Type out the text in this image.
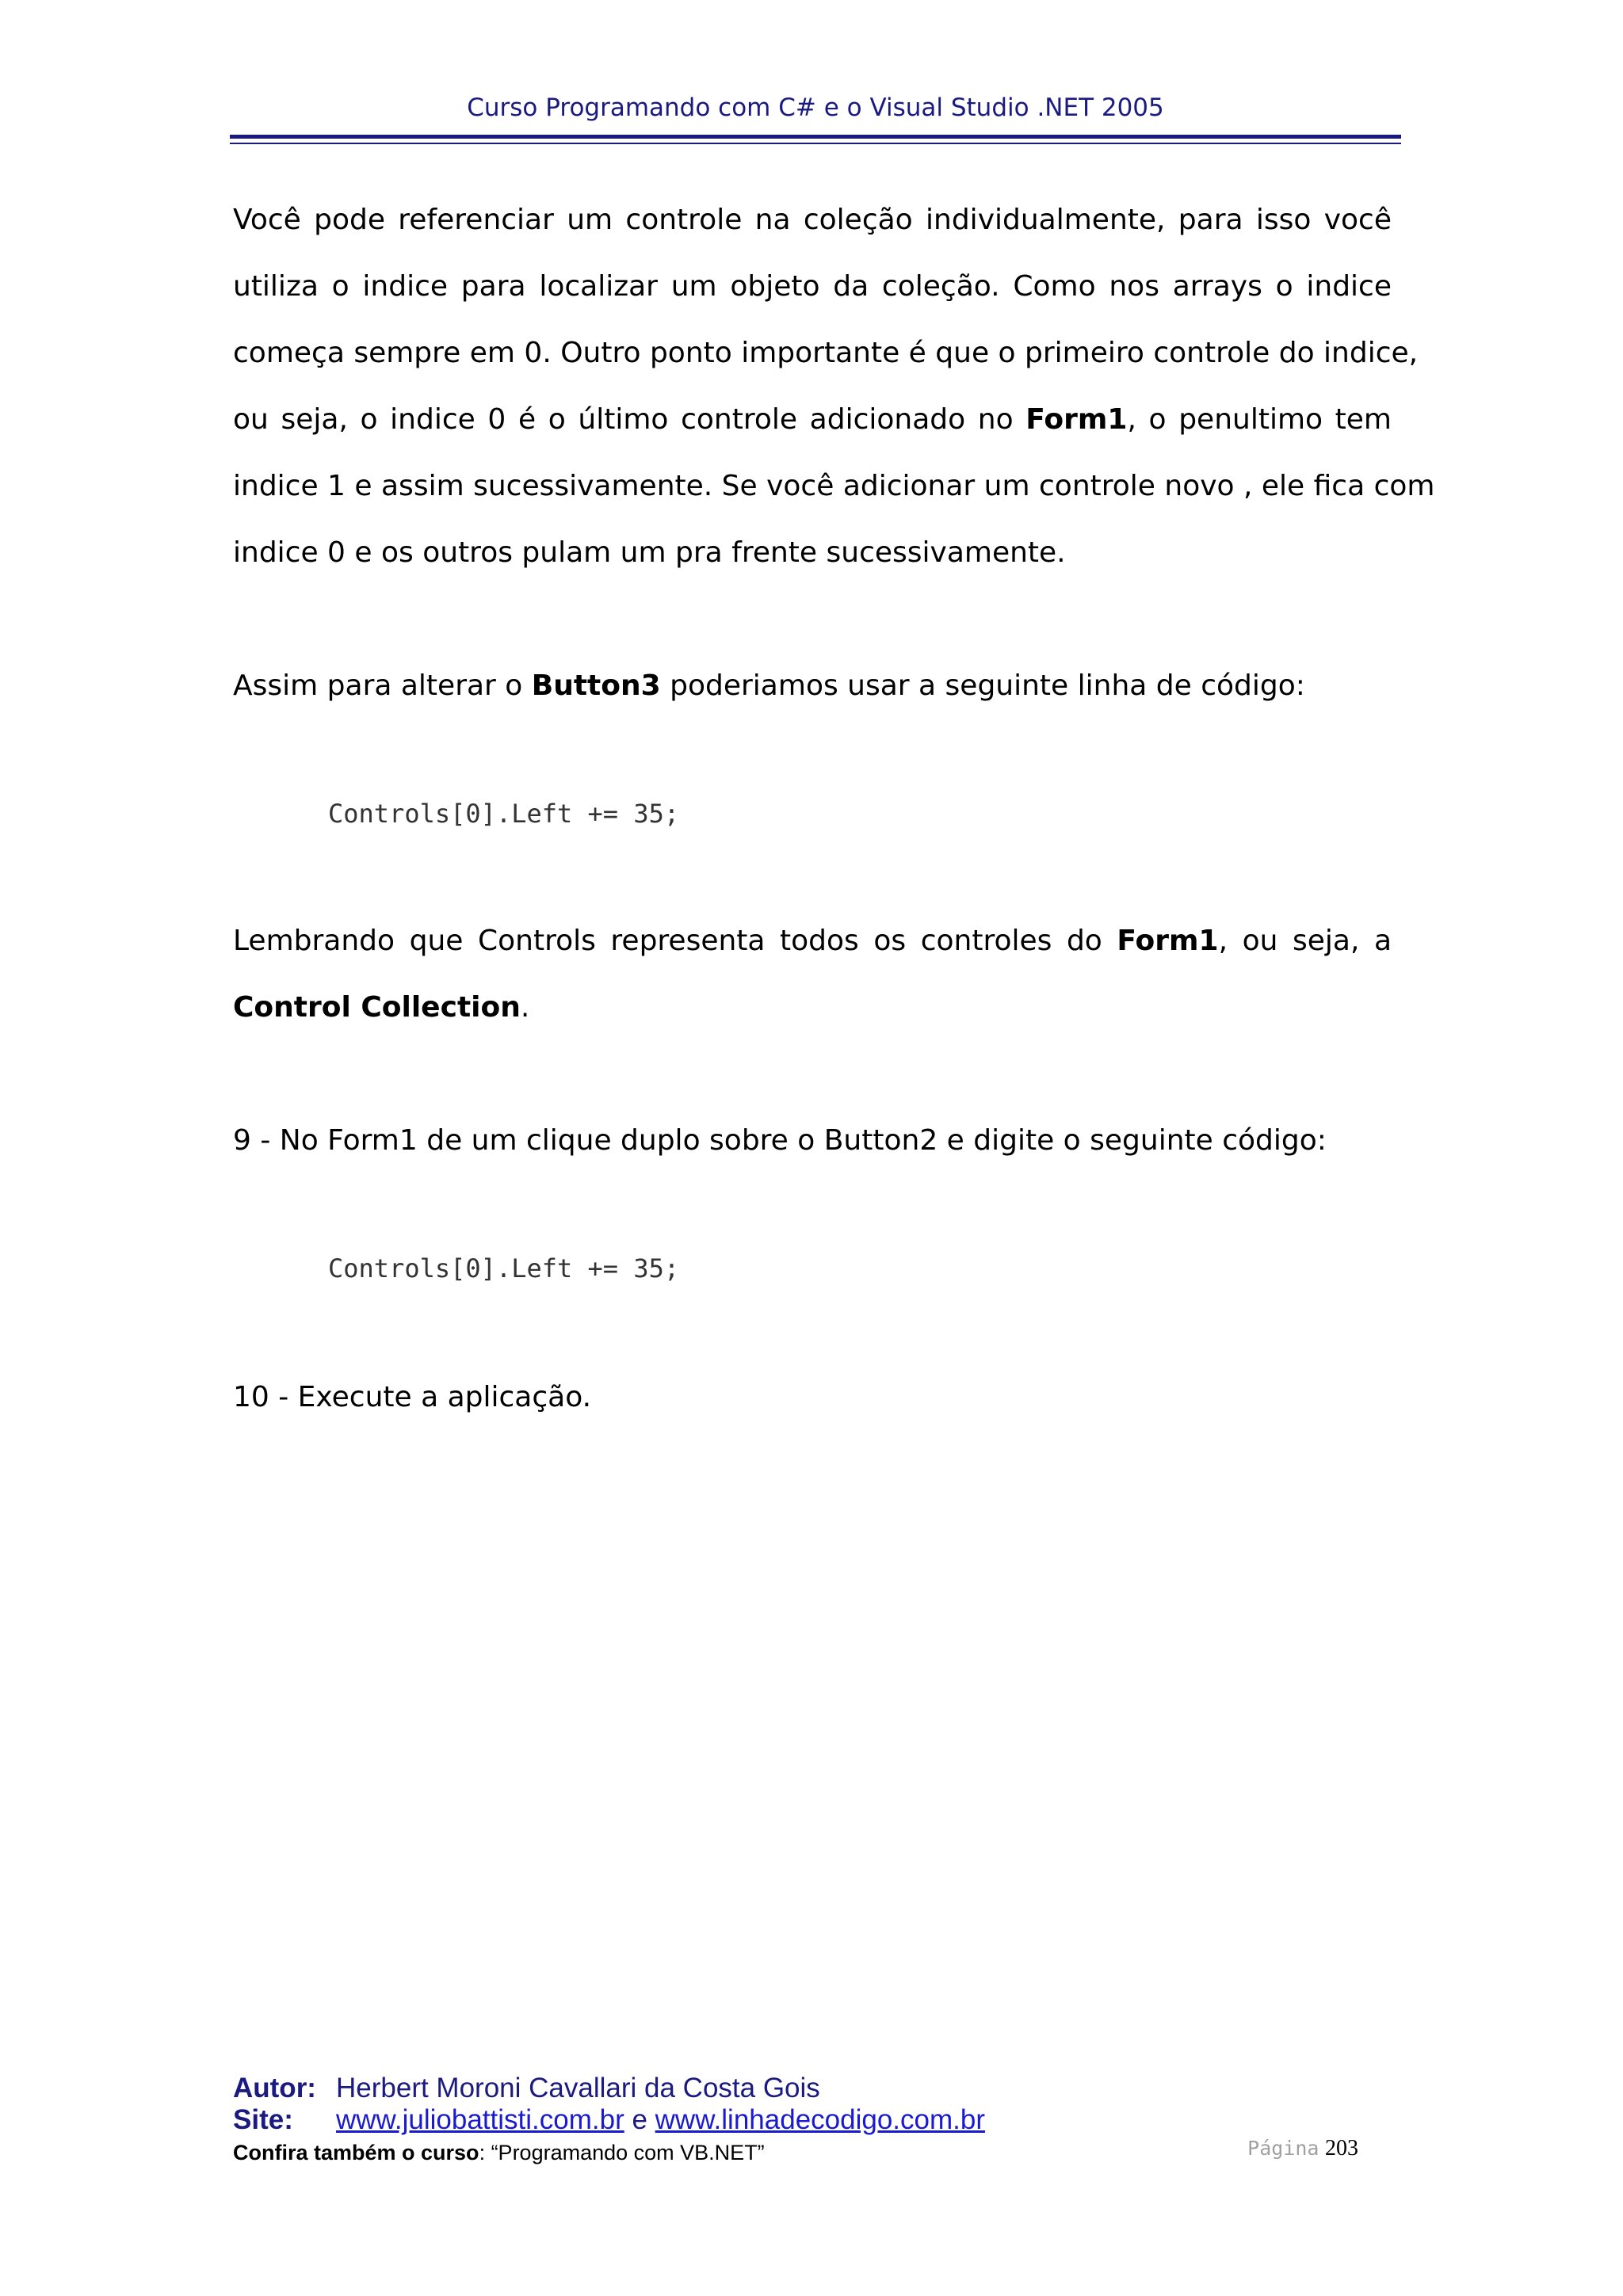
Curso Programando com C# e o Visual Studio .NET 2005
Você pode referenciar um controle na coleção individualmente, para isso você
utiliza o indice para localizar um objeto da coleção. Como nos arrays o indice
começa sempre em 0. Outro ponto importante é que o primeiro controle do indice,
ou seja, o indice 0 é o último controle adicionado no Form1, o penultimo tem
indice 1 e assim sucessivamente. Se você adicionar um controle novo , ele fica com
indice 0 e os outros pulam um pra frente sucessivamente.
Assim para alterar o Button3 poderiamos usar a seguinte linha de código:
Controls[0].Left += 35;
Lembrando que Controls representa todos os controles do Form1, ou seja, a
Control Collection.
9 - No Form1 de um clique duplo sobre o Button2 e digite o seguinte código:
Controls[0].Left += 35;
10 - Execute a aplicação.
Autor: Herbert Moroni Cavallari da Costa Gois
Site: www.juliobattisti.com.br e www.linhadecodigo.com.br
Confira também o curso: “Programando com VB.NET”	Página 203
